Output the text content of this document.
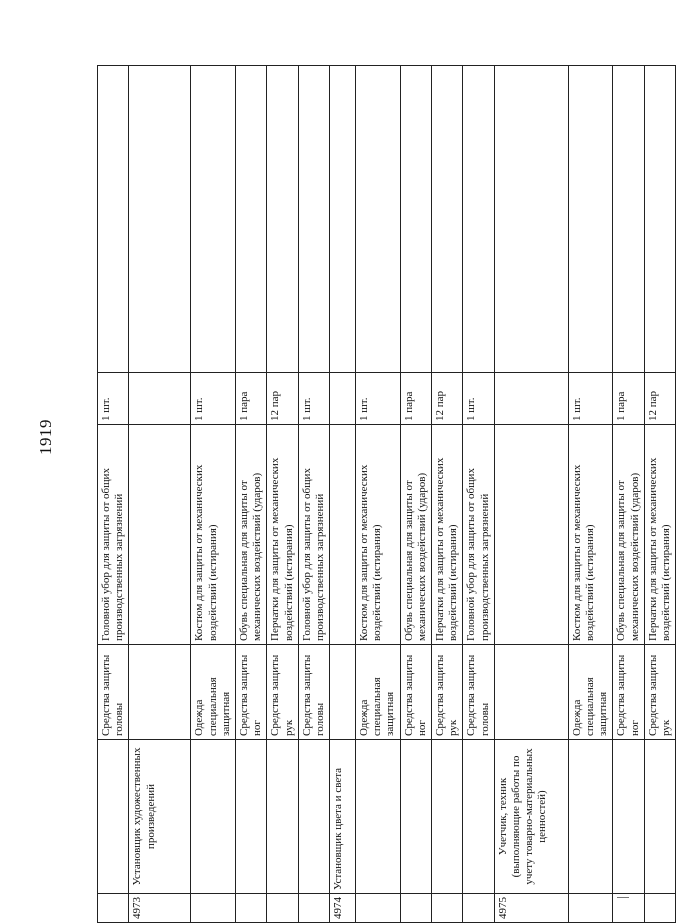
1919
		Средства защиты головы	Головной убор для защиты от общих производственных загрязнений	1 шт.	
4973	Установщик художественных произведений				
		Одежда специальная защитная	Костюм для защиты от механических воздействий (истирания)	1 шт.	
		Средства защиты ног	Обувь специальная для защиты от механических воздействий (ударов)	1 пара	
		Средства защиты рук	Перчатки для защиты от механических воздействий (истирания)	12 пар	
		Средства защиты головы	Головной убор для защиты от общих производственных загрязнений	1 шт.	
4974	Установщик цвета и света				
		Одежда специальная защитная	Костюм для защиты от механических воздействий (истирания)	1 шт.	
		Средства защиты ног	Обувь специальная для защиты от механических воздействий (ударов)	1 пара	
		Средства защиты рук	Перчатки для защиты от механических воздействий (истирания)	12 пар	
		Средства защиты головы	Головной убор для защиты от общих производственных загрязнений	1 шт.	
4975	Учетчик, техник (выполняющие работы по учету товарно-материальных ценностей)				
		Одежда специальная защитная	Костюм для защиты от механических воздействий (истирания)	1 шт.	
		Средства защиты ног	Обувь специальная для защиты от механических воздействий (ударов)	1 пара	
		Средства защиты рук	Перчатки для защиты от механических воздействий (истирания)	12 пар	
